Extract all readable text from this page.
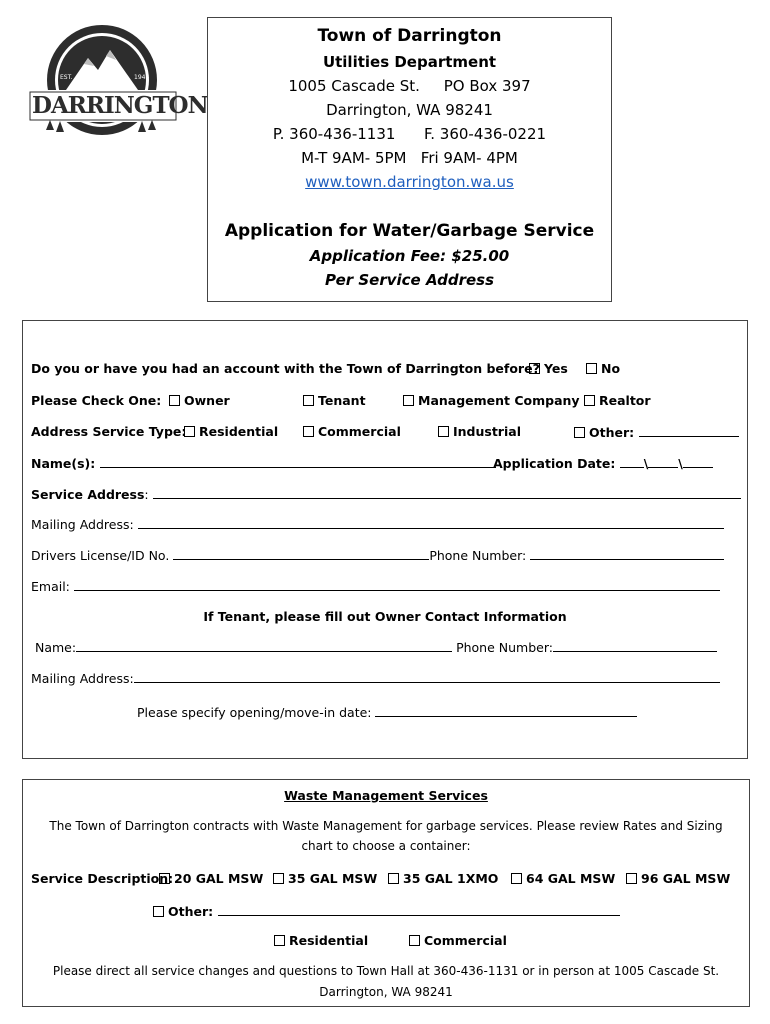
EST.	1945
town of
DARRINGTON
Town of Darrington
Utilities Department
1005 Cascade St.     PO Box 397
Darrington, WA 98241
P. 360-436-1131      F. 360-436-0221
M-T 9AM- 5PM   Fri 9AM- 4PM
www.town.darrington.wa.us
Application for Water/Garbage Service
Application Fee: $25.00
Per Service Address
Do you or have you had an account with the Town of Darrington before? Yes	No
Please Check One:	Owner	Tenant	Management Company	Realtor
Address Service Type:	Residential	Commercial	Industrial	Other:
Name(s):	Application Date: \ \
Service Address:
Mailing Address:
Drivers License/ID No.	Phone Number:
Email:
If Tenant, please fill out Owner Contact Information
Name:	Phone Number:
Mailing Address:
Please specify opening/move-in date:
Waste Management Services
The Town of Darrington contracts with Waste Management for garbage services. Please review Rates and Sizing
chart to choose a container:
Service Description: 20 GAL MSW	35 GAL MSW	35 GAL 1XMO	64 GAL MSW	96 GAL MSW
Other:
Residential	Commercial
Please direct all service changes and questions to Town Hall at 360-436-1131 or in person at 1005 Cascade St.
Darrington, WA 98241
